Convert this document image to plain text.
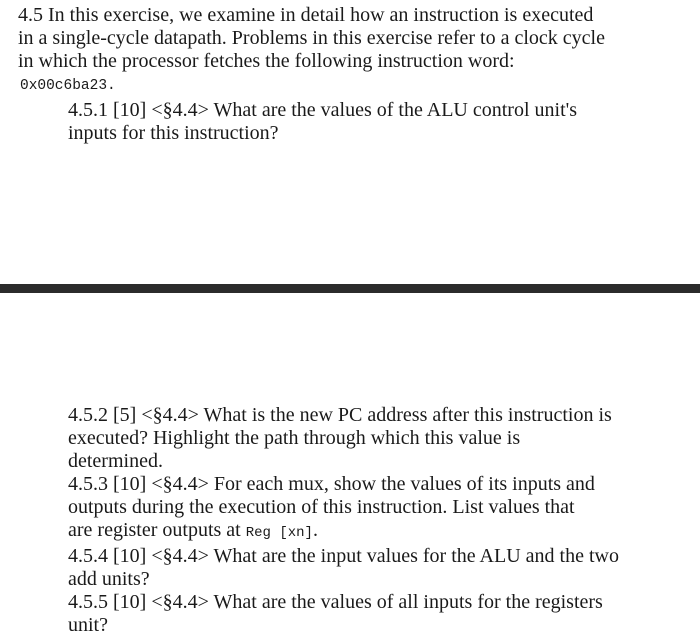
4.5 In this exercise, we examine in detail how an instruction is executed
in a single-cycle datapath. Problems in this exercise refer to a clock cycle
in which the processor fetches the following instruction word:

0x00c6ba23.

4.5.1 [10] <§4.4> What are the values of the ALU control unit's
inputs for this instruction?

4.5.2 [5] <§4.4> What is the new PC address after this instruction is
executed? Highlight the path through which this value is
determined.

4.5.3 [10] <§4.4> For each mux, show the values of its inputs and
outputs during the execution of this instruction. List values that
are register outputs at Reg [xn].

4.5.4 [10] <§4.4> What are the input values for the ALU and the two
add units?

4.5.5 [10] <§4.4> What are the values of all inputs for the registers
unit?
